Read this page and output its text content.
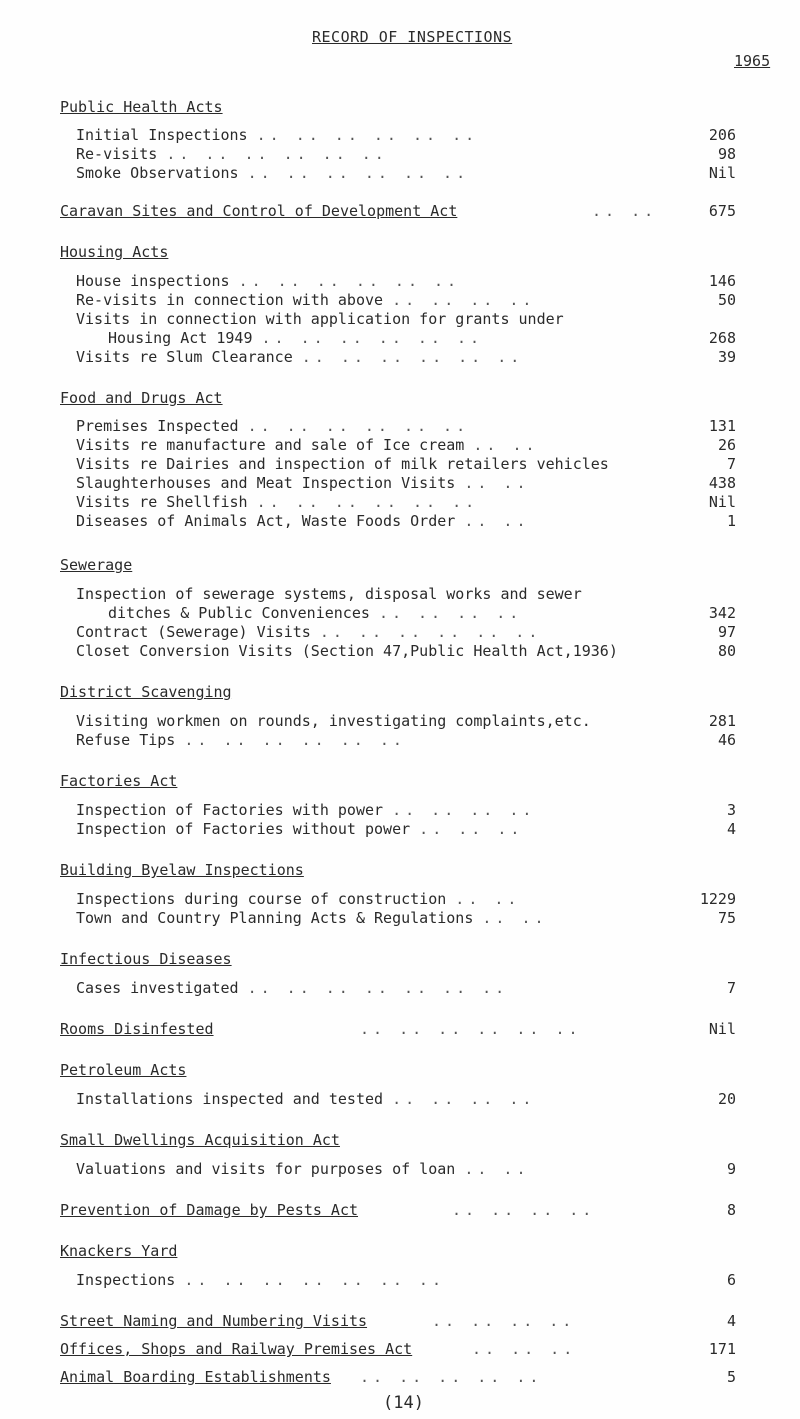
RECORD OF INSPECTIONS
1965
Public Health Acts
Initial Inspections .. .. .. .. .. ..	206
Re-visits .. .. .. .. .. ..	98
Smoke Observations .. .. .. .. .. ..	Nil
Caravan Sites and Control of Development Act	.. ..	675
Housing Acts
House inspections .. .. .. .. .. ..	146
Re-visits in connection with above .. .. .. ..	50
Visits in connection with application for grants under
Housing Act 1949 .. .. .. .. .. ..	268
Visits re Slum Clearance .. .. .. .. .. ..	39
Food and Drugs Act
Premises Inspected .. .. .. .. .. ..	131
Visits re manufacture and sale of Ice cream .. ..	26
Visits re Dairies and inspection of milk retailers vehicles	7
Slaughterhouses and Meat Inspection Visits .. ..	438
Visits re Shellfish .. .. .. .. .. ..	Nil
Diseases of Animals Act, Waste Foods Order .. ..	1
Sewerage
Inspection of sewerage systems, disposal works and sewer
ditches & Public Conveniences .. .. .. ..	342
Contract (Sewerage) Visits .. .. .. .. .. ..	97
Closet Conversion Visits (Section 47,Public Health Act,1936)	80
District Scavenging
Visiting workmen on rounds, investigating complaints,etc.	281
Refuse Tips .. .. .. .. .. ..	46
Factories Act
Inspection of Factories with power .. .. .. ..	3
Inspection of Factories without power .. .. ..	4
Building Byelaw Inspections
Inspections during course of construction .. ..	1229
Town and Country Planning Acts & Regulations .. ..	75
Infectious Diseases
Cases investigated .. .. .. .. .. .. ..	7
Rooms Disinfested	.. .. .. .. .. ..	Nil
Petroleum Acts
Installations inspected and tested .. .. .. ..	20
Small Dwellings Acquisition Act
Valuations and visits for purposes of loan .. ..	9
Prevention of Damage by Pests Act	.. .. .. ..	8
Knackers Yard
Inspections .. .. .. .. .. .. ..	6
Street Naming and Numbering Visits	.. .. .. ..	4
Offices, Shops and Railway Premises Act	.. .. ..	171
Animal Boarding Establishments .. .. .. .. ..	5
(14)
